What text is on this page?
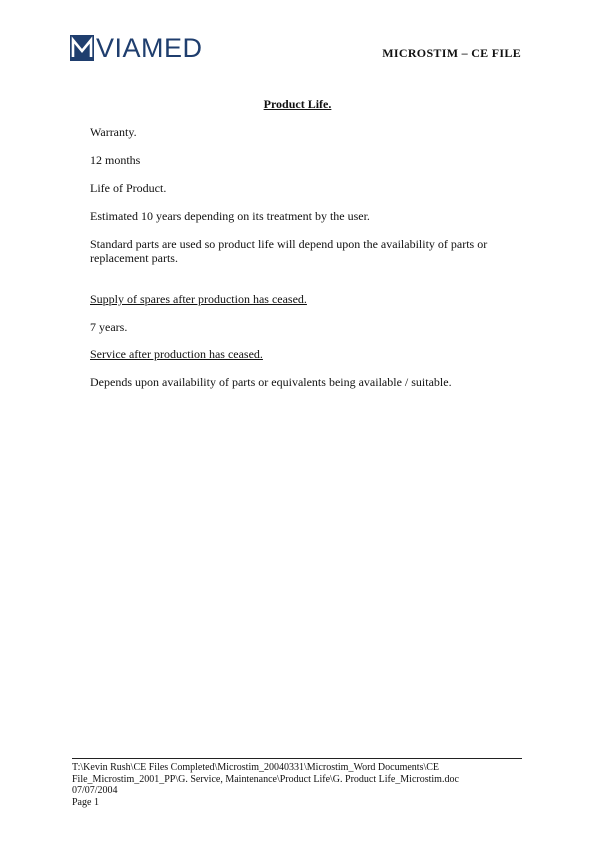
VIAMED	MICROSTIM – CE FILE
Product Life.
Warranty.
12 months
Life of Product.
Estimated 10 years depending on its treatment by the user.
Standard parts are used so product life will depend upon the availability of parts or
replacement parts.
Supply of spares after production has ceased.
7 years.
Service after production has ceased.
Depends upon availability of parts or equivalents being available / suitable.
T:\Kevin Rush\CE Files Completed\Microstim_20040331\Microstim_Word Documents\CE
File_Microstim_2001_PP\G. Service, Maintenance\Product Life\G. Product Life_Microstim.doc
07/07/2004
Page 1
